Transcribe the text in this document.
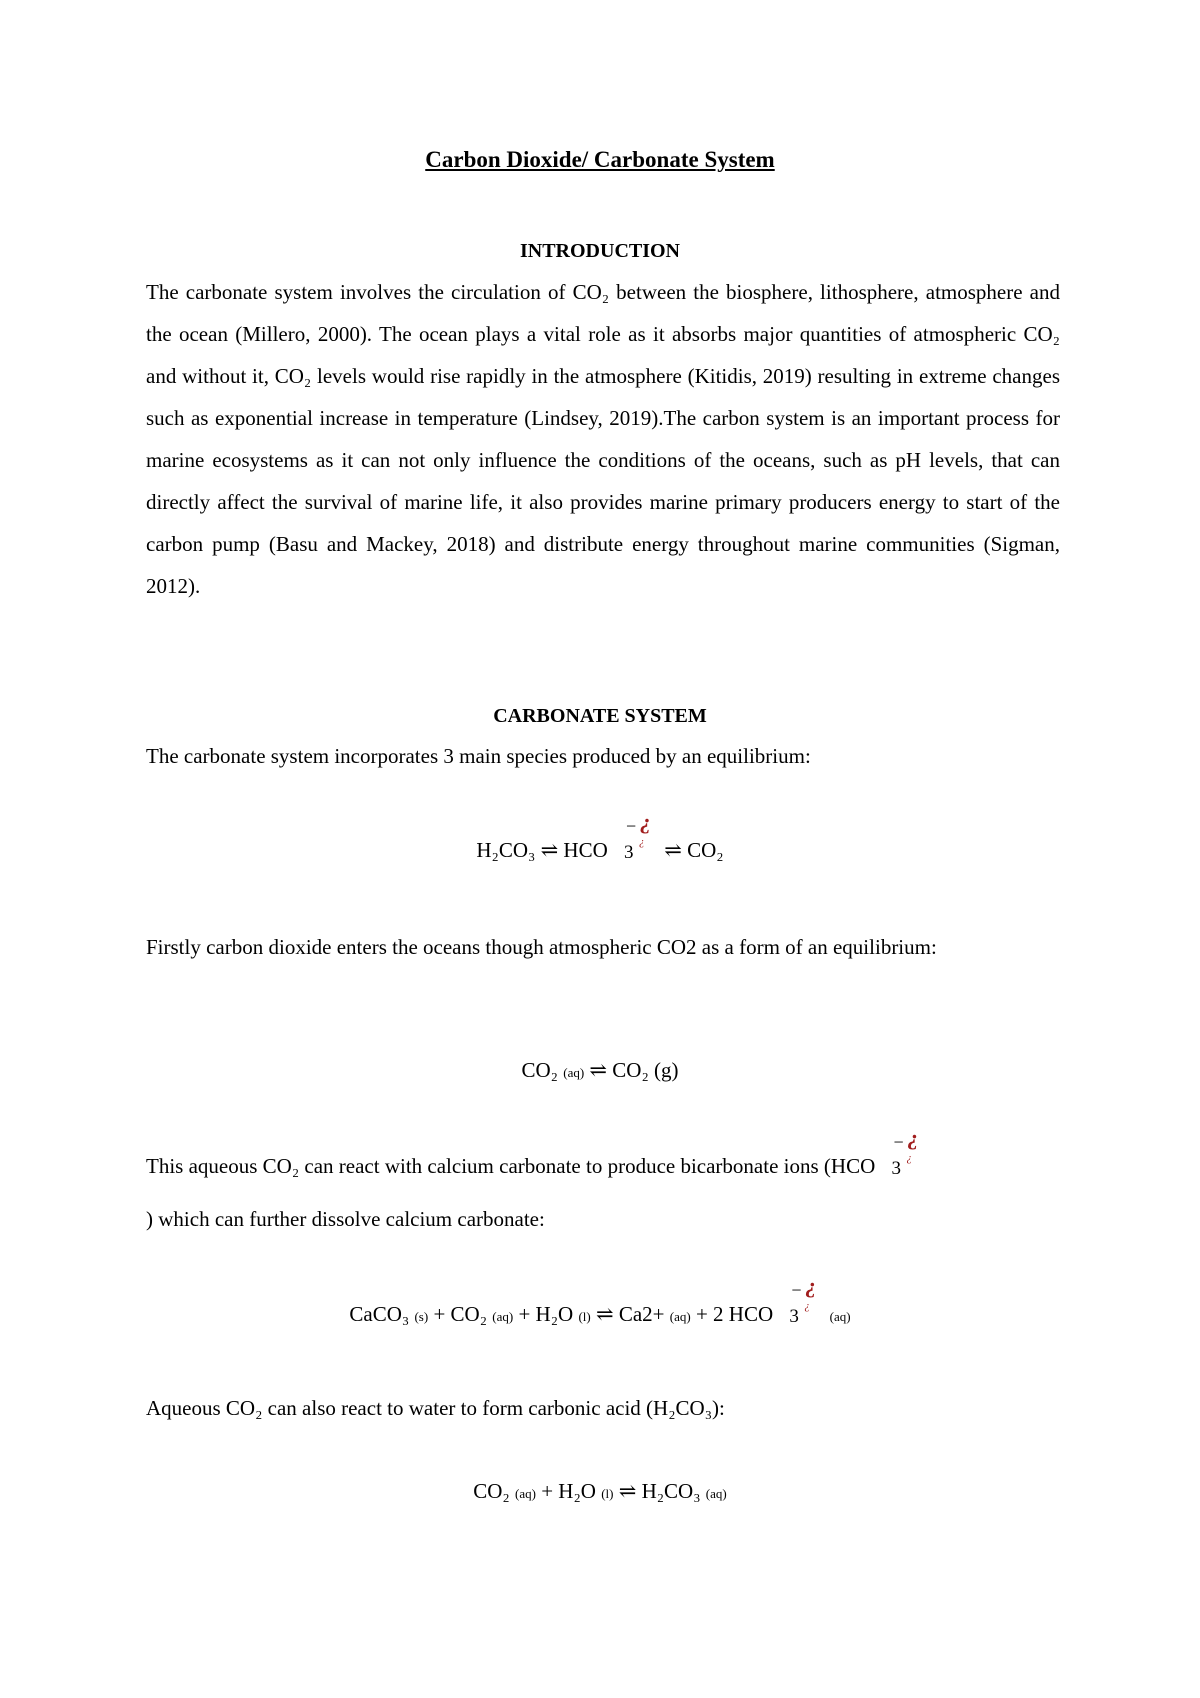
Carbon Dioxide/ Carbonate System
INTRODUCTION

The carbonate system involves the circulation of CO₂ between the biosphere, lithosphere, atmosphere and the ocean (Millero, 2000). The ocean plays a vital role as it absorbs major quantities of atmospheric CO₂ and without it, CO₂ levels would rise rapidly in the atmosphere (Kitidis, 2019) resulting in extreme changes such as exponential increase in temperature (Lindsey, 2019).The carbon system is an important process for marine ecosystems as it can not only influence the conditions of the oceans, such as pH levels, that can directly affect the survival of marine life, it also provides marine primary producers energy to start of the carbon pump (Basu and Mackey, 2018) and distribute energy throughout marine communities (Sigman, 2012).

CARBONATE SYSTEM
The carbonate system incorporates 3 main species produced by an equilibrium:
H₂CO₃ ⇌ HCO
−
3
¿
¿ ⇌ CO₂

Firstly carbon dioxide enters the oceans though atmospheric CO2 as a form of an equilibrium:

CO₂ (aq) ⇌ CO₂ (g)
This aqueous CO₂ can react with calcium carbonate to produce bicarbonate ions (HCO
−
3
¿
¿
) which can further dissolve calcium carbonate:
CaCO₃ (s) + CO₂ (aq) + H₂O (l) ⇌ Ca2+ (aq) + 2 HCO
−
3
¿
¿
(aq)
Aqueous CO₂ can also react to water to form carbonic acid (H₂CO₃):
CO₂ (aq) + H₂O (l) ⇌ H₂CO₃ (aq)
